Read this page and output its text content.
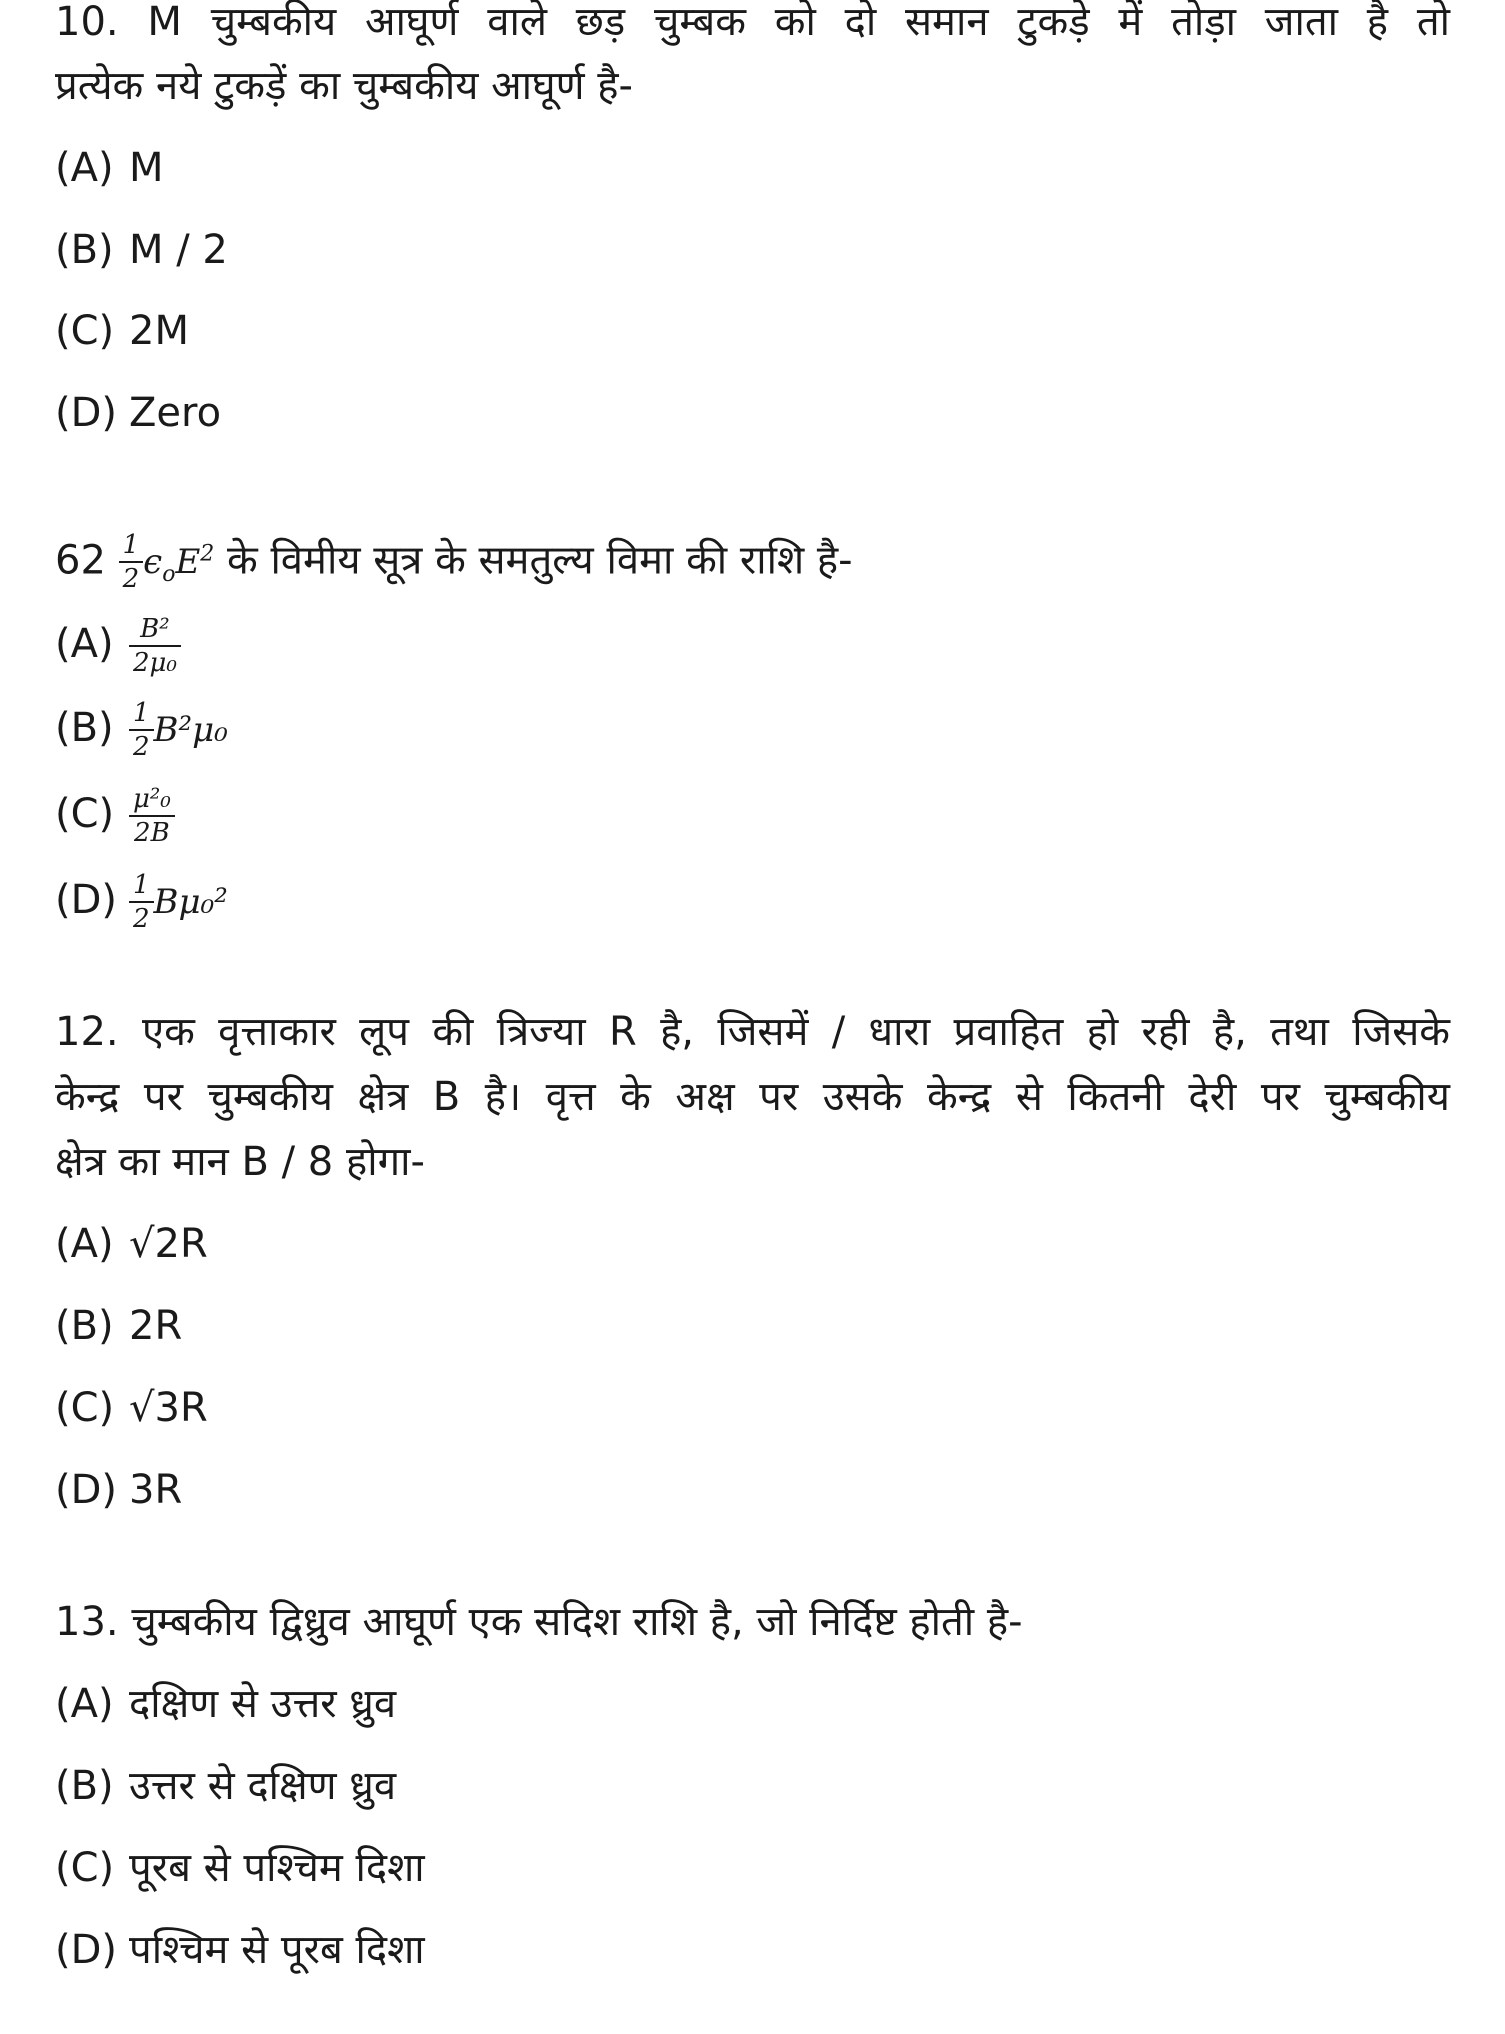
10. M चुम्बकीय आघूर्ण वाले छड़ चुम्बक को दो समान टुकड़े में तोड़ा जाता है तो
प्रत्येक नये टुकड़ें का चुम्बकीय आघूर्ण है-
(A) M
(B) M / 2
(C) 2M
(D) Zero
$62 \frac{1}{2} \epsilon_oE^2$ के विमीय सूत्र के समतुल्य विमा की राशि है-
$(A) \frac{\text{B²}}{\text{2μ₀}}$
$(B) \frac{1}{2} B^2\mu_0$
$(C) \frac{\text{μ²₀}}{2B}$
$(D) \frac{1}{2} B\mu_0^2$
12. एक वृत्ताकार लूप की त्रिज्या R है, जिसमें / धारा प्रवाहित हो रही है, तथा जिसके
केन्द्र पर चुम्बकीय क्षेत्र B है। वृत्त के अक्ष पर उसके केन्द्र से कितनी देरी पर चुम्बकीय
क्षेत्र का मान B / 8 होगा-
(A) √2R
(B) 2R
(C) √3R
(D) 3R
13. चुम्बकीय द्विध्रुव आघूर्ण एक सदिश राशि है, जो निर्दिष्ट होती है-
(A) दक्षिण से उत्तर ध्रुव
(B) उत्तर से दक्षिण ध्रुव
(C) पूरब से पश्चिम दिशा
(D) पश्चिम से पूरब दिशा
